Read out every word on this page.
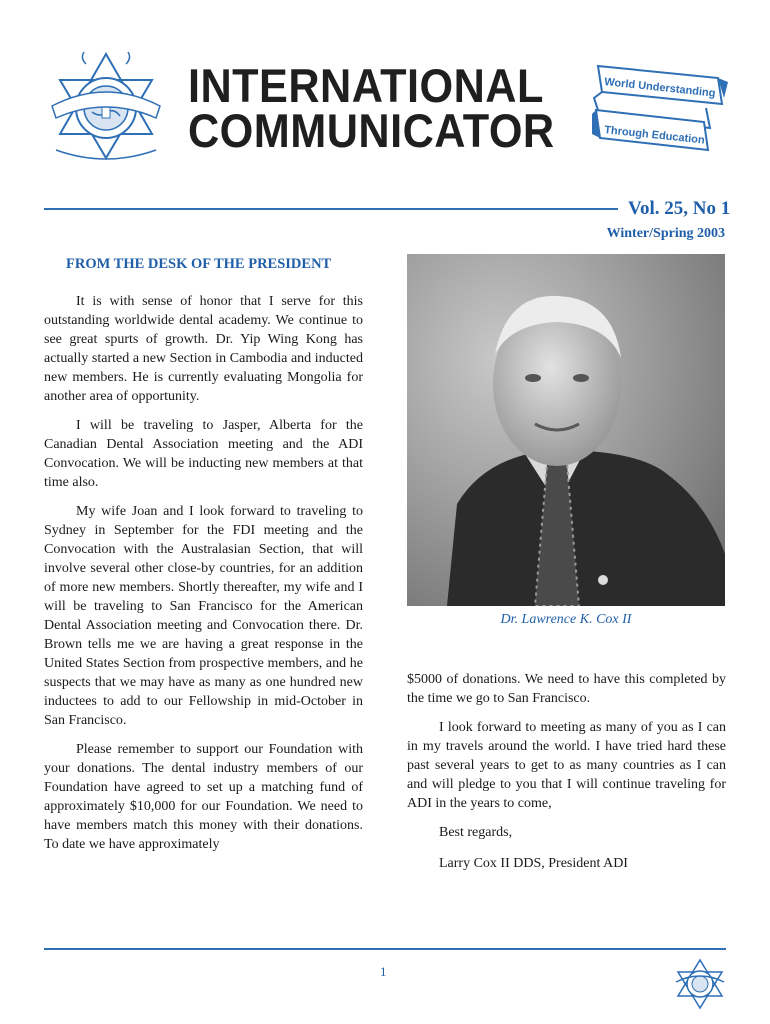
INTERNATIONAL
COMMUNICATOR
World Understanding
Through Education
Vol. 25, No 1
Winter/Spring 2003
FROM THE DESK OF THE PRESIDENT

It is with sense of honor that I serve for this outstanding worldwide dental academy. We continue to see great spurts of growth. Dr. Yip Wing Kong has actually started a new Section in Cambodia and inducted new members. He is currently evaluating Mongolia for another area of opportunity.

I will be traveling to Jasper, Alberta for the Canadian Dental Association meeting and the ADI Convocation. We will be inducting new members at that time also.

My wife Joan and I look forward to traveling to Sydney in September for the FDI meeting and the Convocation with the Australasian Section, that will involve several other close-by countries, for an addition of more new members. Shortly thereafter, my wife and I will be traveling to San Francisco for the American Dental Association meeting and Convocation there. Dr. Brown tells me we are having a great response in the United States Section from prospective members, and he suspects that we may have as many as one hundred new inductees to add to our Fellowship in mid-October in San Francisco.

Please remember to support our Foundation with your donations. The dental industry members of our Foundation have agreed to set up a matching fund of approximately $10,000 for our Foundation. We need to have members match this money with their donations. To date we have approximately

Dr. Lawrence K. Cox II

$5000 of donations. We need to have this completed by the time we go to San Francisco.

I look forward to meeting as many of you as I can in my travels around the world. I have tried hard these past several years to get to as many countries as I can and will pledge to you that I will continue traveling for ADI in the years to come,

Best regards,

Larry Cox II DDS, President ADI

1
